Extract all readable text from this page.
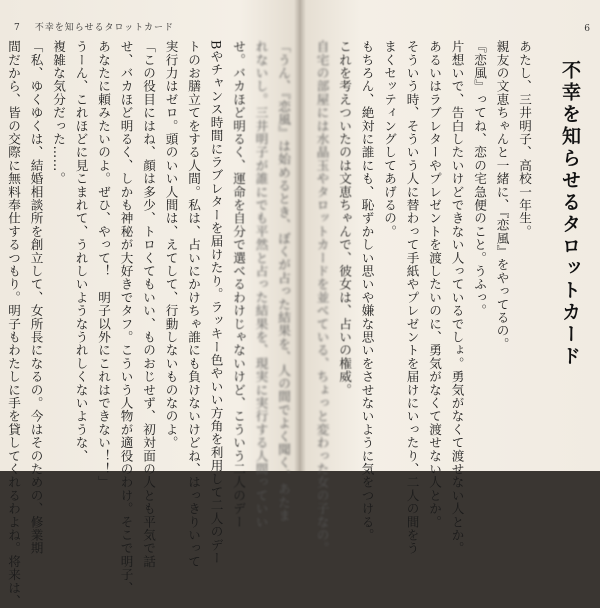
7 不幸を知らせるタロットカード
「うん、『恋風』は始めるとき、ぼくが占った結果を、人の間でよく聞く、あたま
れないし。三井明子が誰にでも平然と占った結果を、現実に実行する人間っていい
せ。バカほど明るく、運命を自分で選べるわけじゃないけど、こういう二人のデー
Bやチャンス時間にラブレターを届けたり。ラッキー色やいい方角を利用して二人のデー
トのお膳立てをする人間。私は、占いにかけちゃ誰にも負けないけどね、はっきりいって
実行力はゼロ。頭のいい人間は、えてして、行動しないものなのよ。
「この役目にはね、顔は多少、トロくてもいい、ものおじせず、初対面の人とも平気で話
せ、バカほど明るく、しかも神秘が大好きでタフ。こういう人物が適役のわけ。そこで明子、
あなたに頼みたいのよ。ぜひ、やって！　明子以外にこれはできない！！」
うーん、これほどに見こまれて、うれしいようなうれしくないような、
複雑な気分だった……。
「私、ゆくゆくは、結婚相談所を創立して、女所長になるの。今はそのための、修業期
間だから、皆の交際に無料奉仕するつもり。明子もわたしに手を貸してくれるわよね。将来は、
6
不幸を知らせるタロットカード
あたし、三井明子、高校一年生。
親友の文恵ちゃんと一緒に、『恋風』をやってるの。
『恋風』ってね、恋の宅急便のこと。うふっ。
片想いで、告白したいけどできない人っているでしょ。勇気がなくて渡せない人とか。
あるいはラブレターやプレゼントを渡したいのに、勇気がなくて渡せない人とか。
そういう時、そういう人に替わって手紙やプレゼントを届けにいったり、二人の間をう
まくセッティングしてあげるの。
もちろん、絶対に誰にも、恥ずかしい思いや嫌な思いをさせないように気をつける。
これを考えついたのは文恵ちゃんで、彼女は、占いの権威。
自宅の部屋には水晶玉やタロットカードを並べている、ちょっと変わった女の子なの。
